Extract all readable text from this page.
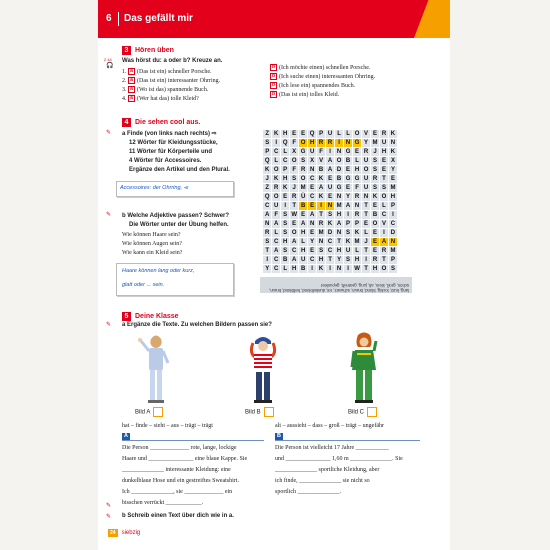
6 Das gefällt mir
3 Hören üben
2 44
🎧
Was hörst du: a oder b? Kreuze an.
1. a (Das ist ein) schneller Porsche.
2. a (Das ist ein) interessanter Ohrring.
3. a (Wo ist das) spannende Buch.
4. a (Wer hat das) tolle Kleid?
b (Ich möchte einen) schnellen Porsche.
b (Ich suche einen) interessanten Ohrring.
b (Ich lese ein) spannendes Buch.
b (Das ist ein) tolles Kleid.
4 Die sehen cool aus.
✎ a Finde (von links nach rechts) ⇨
12 Wörter für Kleidungsstücke,
11 Wörter für Körperteile und
4 Wörter für Accessoires.
Ergänze den Artikel und den Plural.
Accessoires: der Ohrring, -e
✎ b Welche Adjektive passen? Schwer?
Die Wörter unter der Übung helfen.
Wie können Haare sein?
Wie können Augen sein?
Wie kann ein Kleid sein?
Haare können lang oder kurz,
glatt oder ... sein.
Z K H E E Q P U L L O V E R K
S	I Q F O H R R I N G Y M U N
P C L X G U F	I N G E R J H K
Q L C O S X V A O B L U S E X
K O P F R N B A D E H O S E Y
J K H S O C K E B G G U R T E
Z R K J M E A U G E F U S S M
Q O E R Ü C K E N Y R N K O H
C U I	T B E	I N M A N T E L P
A F S W E A T S H I R T B C I
N A S E A N R K A P P E O V C
R L S O H E M D N S K L E	I D
S C H A L Y N C T K M J E A N
T A S C H E S C H U L T E R M
I C B A U C H T Y S H I R T P
Y C L H B I K I N I W T H O S
lang, kurz, lockig, blond, braun, schwarz, rot, dunkelblond, hellblond, braun, schön, groß, klein, alt, jung, gestreift, gepunktet
5 Deine Klasse
✎ a Ergänze die Texte. Zu welchen Bildern passen sie?
Bild A	Bild B	Bild C
hat – finde – sieht – aus – trägt – trägt	alt – aussieht – dass – groß – trägt – ungefähr
A	B
Die Person _____________ rote, lange, lockige
Haare und _______________ eine blaue Kappe. Sie
______________ interessante Kleidung: eine
dunkelblaue Hose und ein gestreiftes Sweatshirt.
Ich ______________, sie _____________ ein
bisschen verrückt ____________.
Die Person ist vielleicht 17 Jahre ___________
und _______________ 1,60 m ______________. Sie
______________ sportliche Kleidung, aber
ich finde, ______________ sie nicht so
sportlich ______________.
✎
✎ b Schreib einen Text über dich wie in a.
24	siebzig
